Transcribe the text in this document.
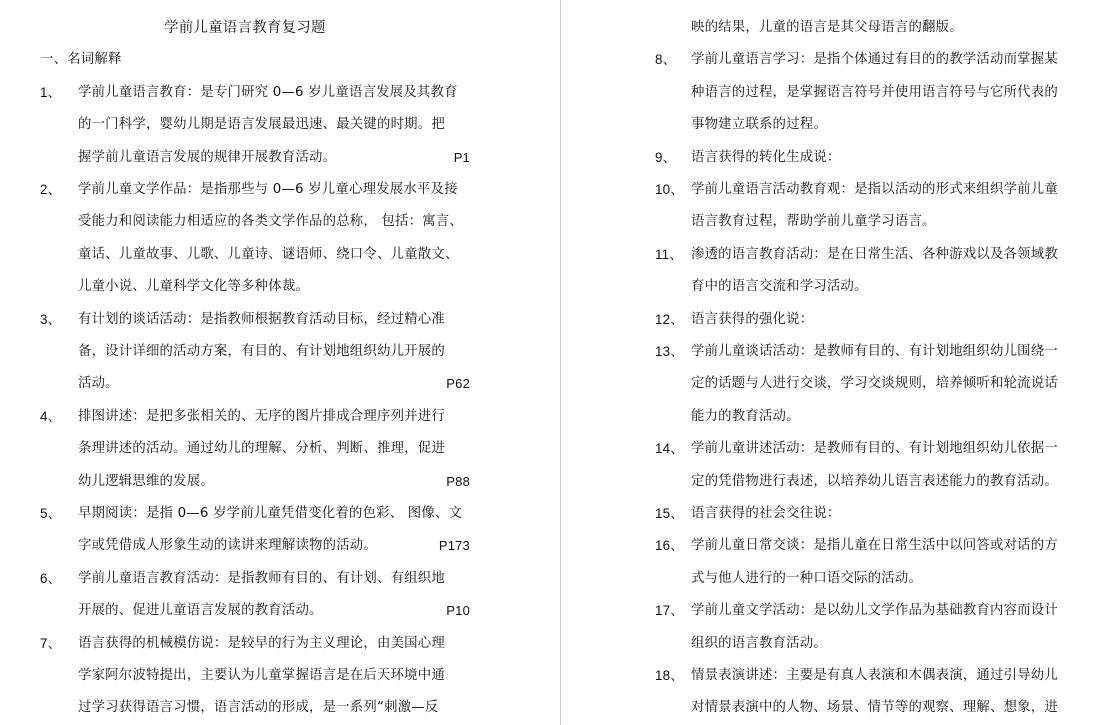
学前儿童语言教育复习题
一、名词解释
1、 学前儿童语言教育：是专门研究 0—6 岁儿童语言发展及其教育
的一门科学，婴幼儿期是语言发展最迅速、最关键的时期。把
握学前儿童语言发展的规律开展教育活动。	P1
2、 学前儿童文学作品：是指那些与 0—6 岁儿童心理发展水平及接
受能力和阅读能力相适应的各类文学作品的总称， 包括：寓言、
童话、儿童故事、儿歌、儿童诗、谜语师、绕口令、儿童散文、
儿童小说、儿童科学文化等多种体裁。
3、 有计划的谈话活动：是指教师根据教育活动目标，经过精心准
备，设计详细的活动方案，有目的、有计划地组织幼儿开展的
活动。	P62
4、 排图讲述：是把多张相关的、无序的图片排成合理序列并进行
条理讲述的活动。通过幼儿的理解、分析、判断、推理，促进
幼儿逻辑思维的发展。	P88
5、 早期阅读：是指 0—6 岁学前儿童凭借变化着的色彩、 图像、文
字或凭借成人形象生动的读讲来理解读物的活动。	P173
6、 学前儿童语言教育活动：是指教师有目的、有计划、有组织地
开展的、促进儿童语言发展的教育活动。	P10
7、 语言获得的机械模仿说：是较早的行为主义理论，由美国心理
学家阿尔波特提出，主要认为儿童掌握语言是在后天环境中通
过学习获得语言习惯，语言活动的形成，是一系列“刺激—反
映的结果，儿童的语言是其父母语言的翻版。
8、 学前儿童语言学习：是指个体通过有目的的教学活动而掌握某
种语言的过程，是掌握语言符号并使用语言符号与它所代表的
事物建立联系的过程。
9、 语言获得的转化生成说：
10、 学前儿童语言活动教育观：是指以活动的形式来组织学前儿童
语言教育过程，帮助学前儿童学习语言。
11、 渗透的语言教育活动：是在日常生活、各种游戏以及各领域教
育中的语言交流和学习活动。
12、 语言获得的强化说：
13、 学前儿童谈话活动：是教师有目的、有计划地组织幼儿围绕一
定的话题与人进行交谈，学习交谈规则，培养倾听和轮流说话
能力的教育活动。
14、 学前儿童讲述活动：是教师有目的、有计划地组织幼儿依据一
定的凭借物进行表述，以培养幼儿语言表述能力的教育活动。
15、 语言获得的社会交往说：
16、 学前儿童日常交谈：是指儿童在日常生活中以问答或对话的方
式与他人进行的一种口语交际的活动。
17、 学前儿童文学活动：是以幼儿文学作品为基础教育内容而设计
组织的语言教育活动。
18、 情景表演讲述：主要是有真人表演和木偶表演，通过引导幼儿
对情景表演中的人物、场景、情节等的观察、理解、想象，进
